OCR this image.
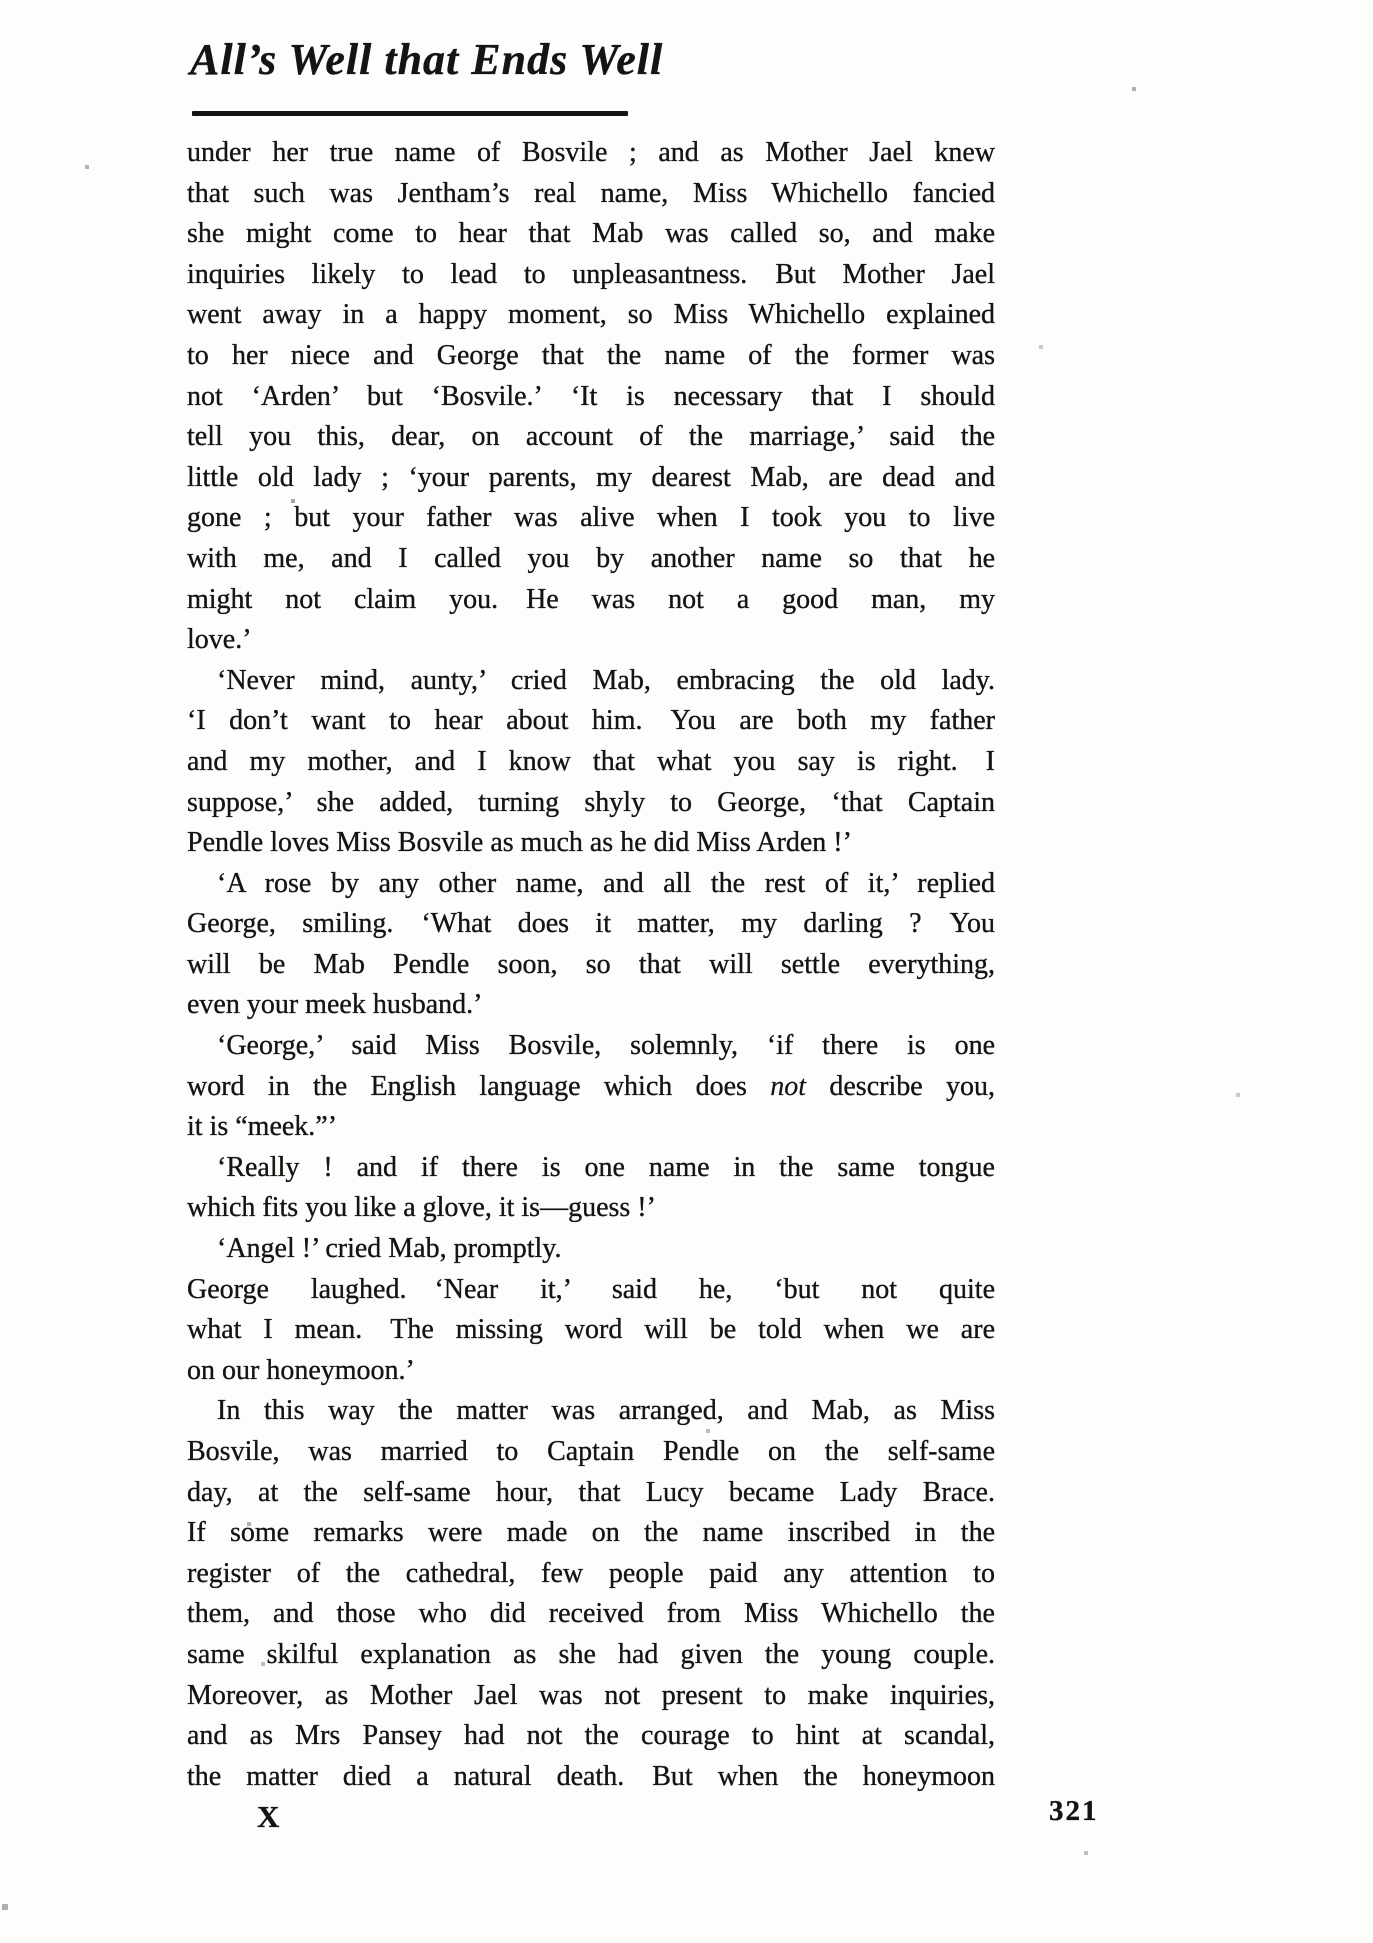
All’s Well that Ends Well
under her true name of Bosvile ; and as Mother Jael knew
that such was Jentham’s real name, Miss Whichello fancied
she might come to hear that Mab was called so, and make
inquiries likely to lead to unpleasantness. But Mother Jael
went away in a happy moment, so Miss Whichello explained
to her niece and George that the name of the former was
not ‘Arden’ but ‘Bosvile.’ ‘It is necessary that I should
tell you this, dear, on account of the marriage,’ said the
little old lady ; ‘your parents, my dearest Mab, are dead and
gone ; but your father was alive when I took you to live
with me, and I called you by another name so that he
might not claim you. He was not a good man, my
love.’
‘Never mind, aunty,’ cried Mab, embracing the old lady.
‘I don’t want to hear about him. You are both my father
and my mother, and I know that what you say is right. I
suppose,’ she added, turning shyly to George, ‘that Captain
Pendle loves Miss Bosvile as much as he did Miss Arden !’
‘A rose by any other name, and all the rest of it,’ replied
George, smiling. ‘What does it matter, my darling ? You
will be Mab Pendle soon, so that will settle everything,
even your meek husband.’
‘George,’ said Miss Bosvile, solemnly, ‘if there is one
word in the English language which does not describe you,
it is “meek.”’
‘Really ! and if there is one name in the same tongue
which fits you like a glove, it is—guess !’
‘Angel !’ cried Mab, promptly.
George laughed. ‘Near it,’ said he, ‘but not quite
what I mean. The missing word will be told when we are
on our honeymoon.’
In this way the matter was arranged, and Mab, as Miss
Bosvile, was married to Captain Pendle on the self-same
day, at the self-same hour, that Lucy became Lady Brace.
If some remarks were made on the name inscribed in the
register of the cathedral, few people paid any attention to
them, and those who did received from Miss Whichello the
same skilful explanation as she had given the young couple.
Moreover, as Mother Jael was not present to make inquiries,
and as Mrs Pansey had not the courage to hint at scandal,
the matter died a natural death. But when the honeymoon
X	321
